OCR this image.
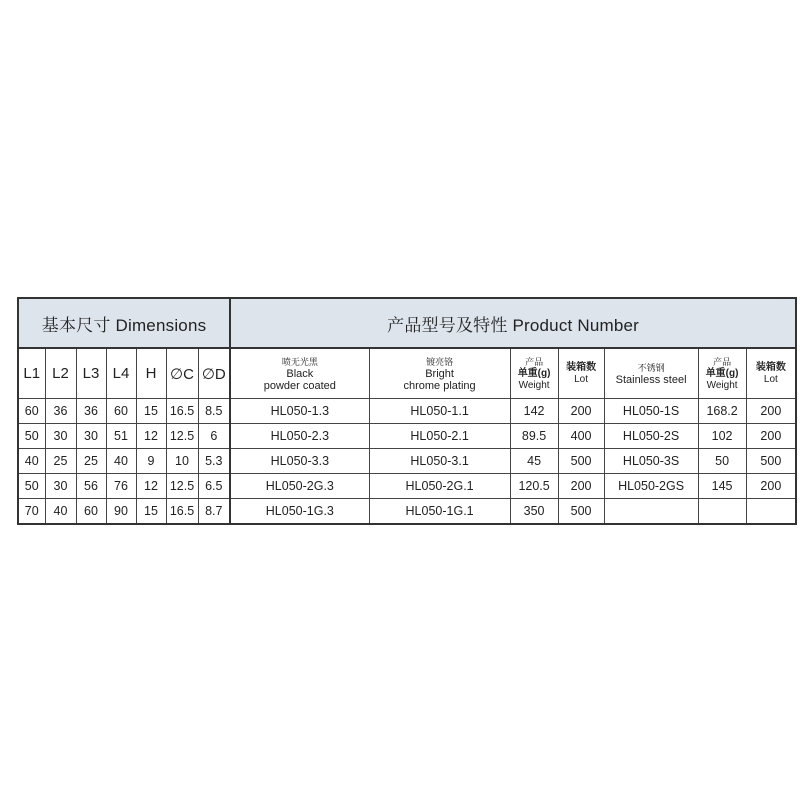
基本尺寸 Dimensions							产品型号及特性 Product Number						
L1	L2	L3	L4	H	∅C	∅D	喷无光黑
Black
powder coated	镀亮铬
Bright
chrome plating	产品
单重(g)
Weight	装箱数
Lot	不锈钢
Stainless steel	产品
单重(g)
Weight	装箱数
Lot

60	36	36	60	15	16.5	8.5	HL050-1.3	HL050-1.1	142	200	HL050-1S	168.2	200
50	30	30	51	12	12.5	6	HL050-2.3	HL050-2.1	89.5	400	HL050-2S	102	200
40	25	25	40	9	10	5.3	HL050-3.3	HL050-3.1	45	500	HL050-3S	50	500
50	30	56	76	12	12.5	6.5	HL050-2G.3	HL050-2G.1	120.5	200	HL050-2GS	145	200
70	40	60	90	15	16.5	8.7	HL050-1G.3	HL050-1G.1	350	500			
